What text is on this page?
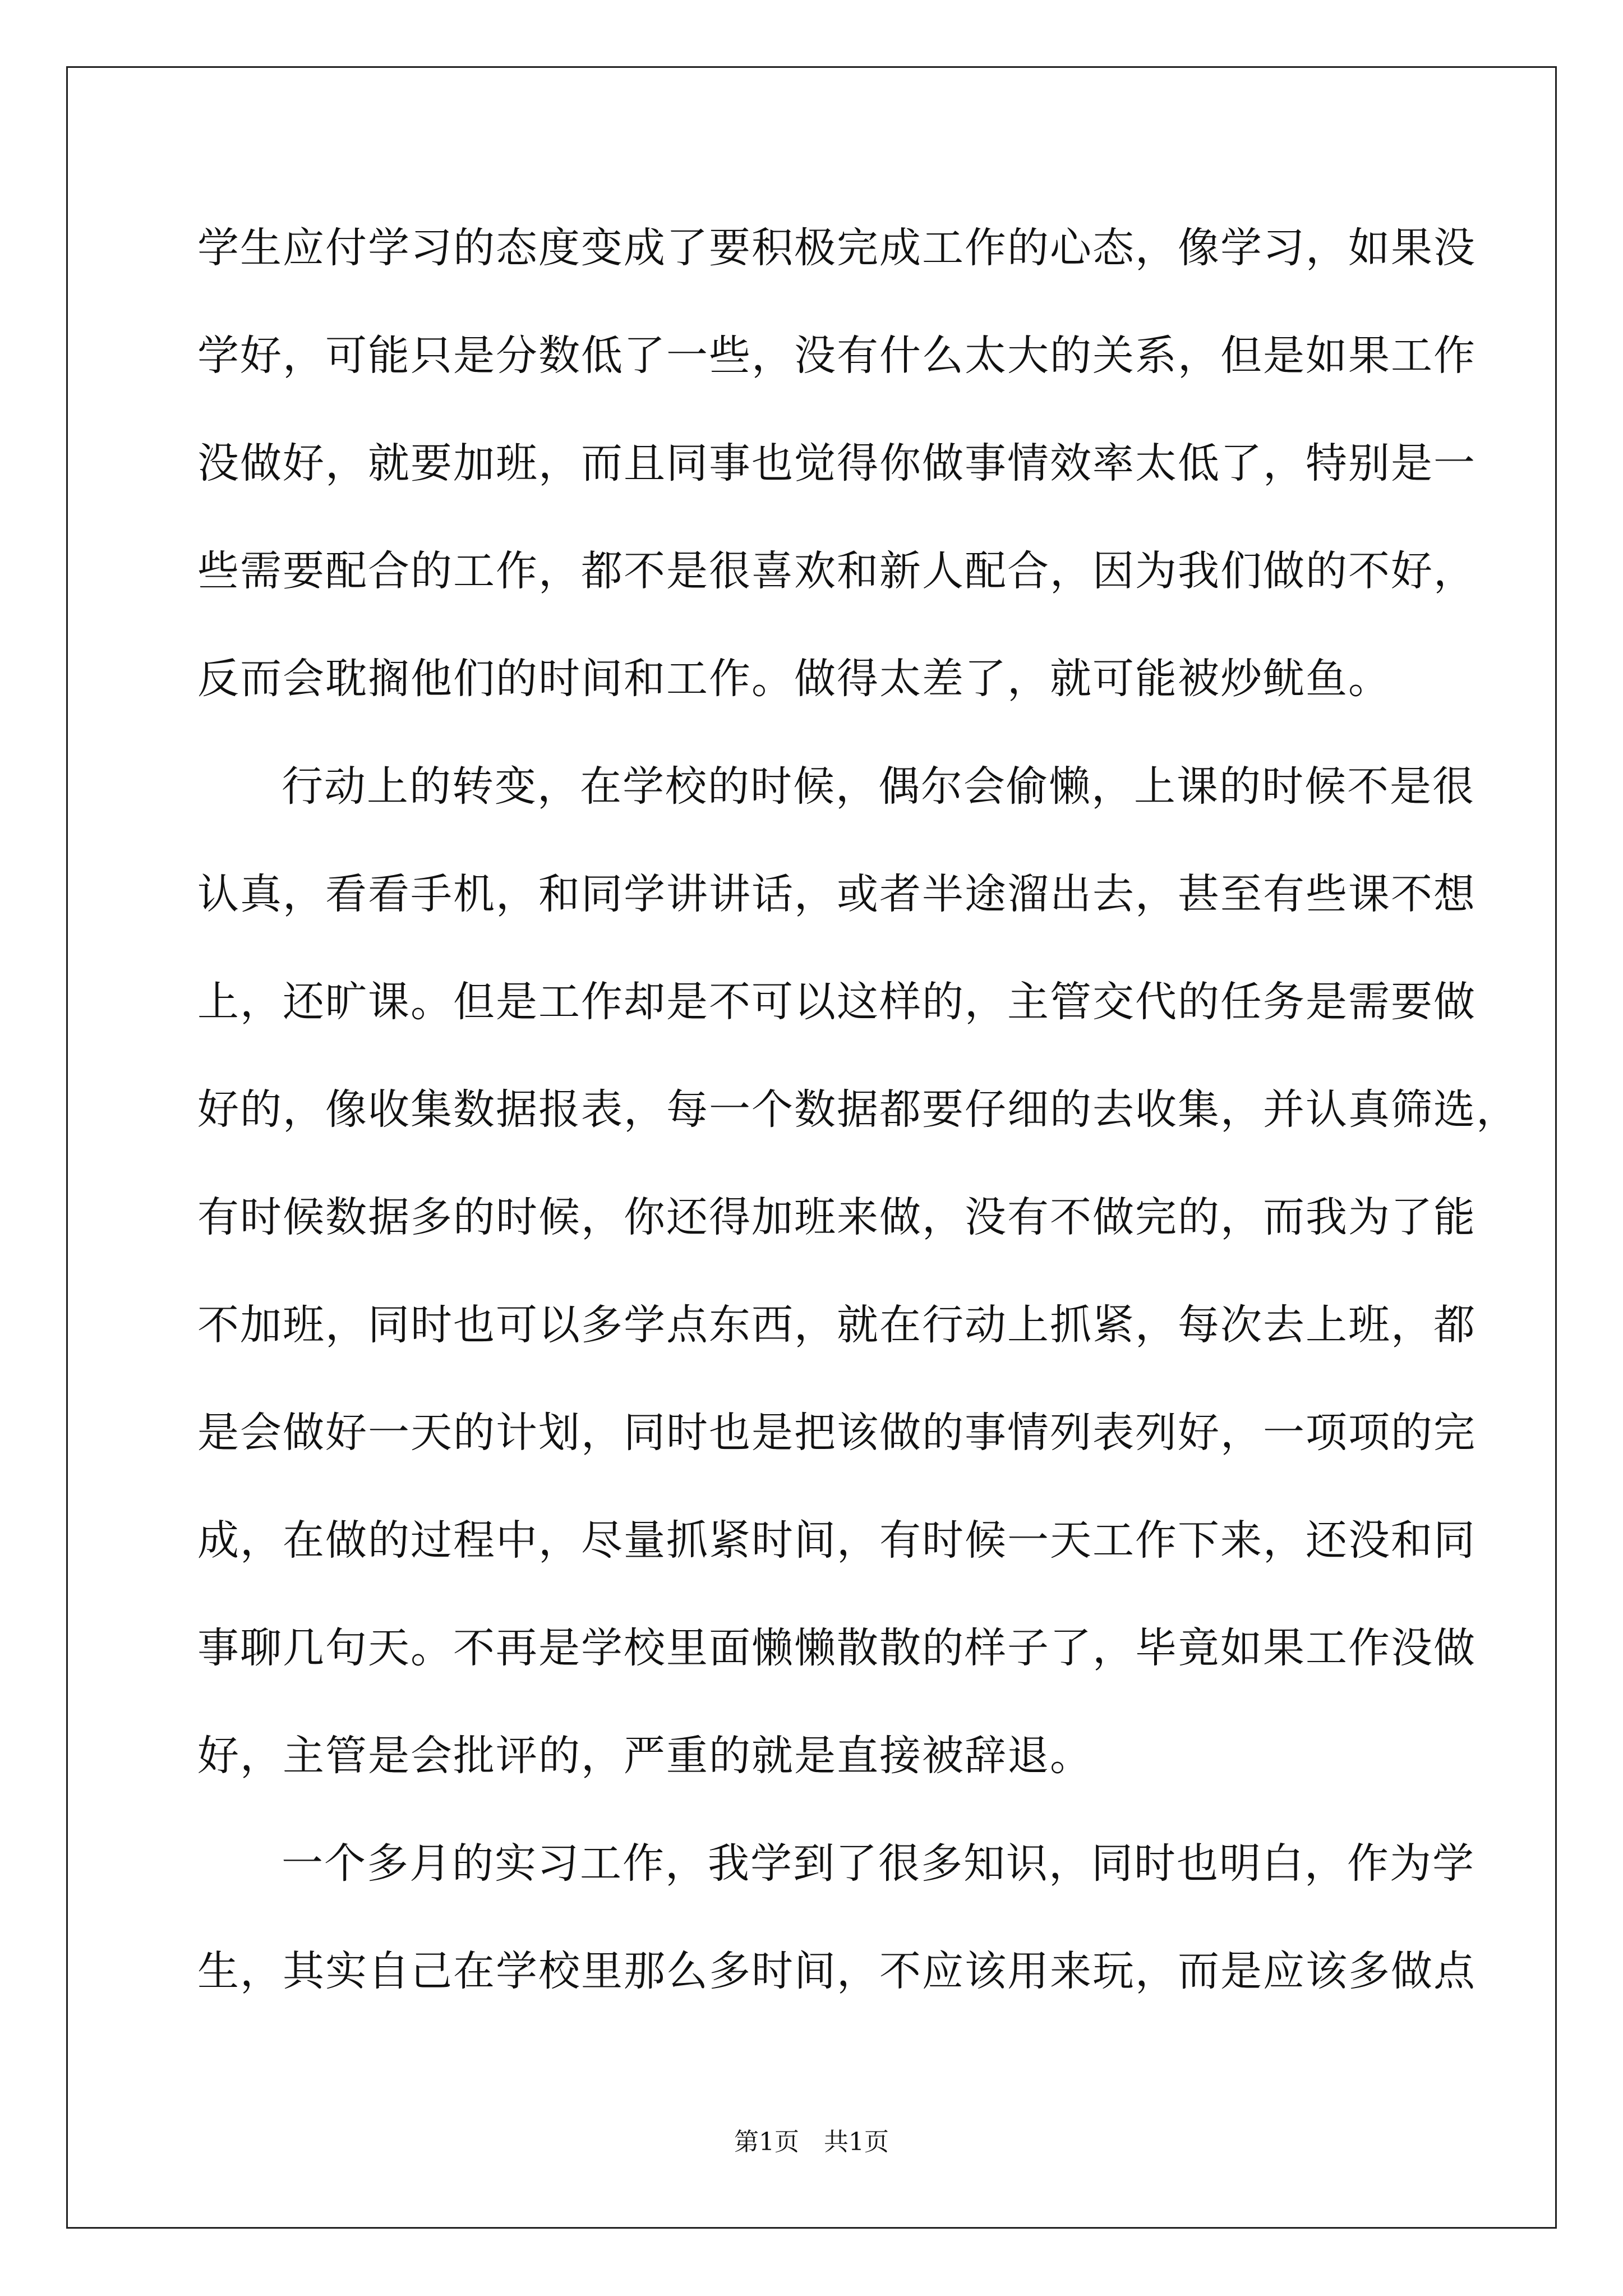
学生应付学习的态度变成了要积极完成工作的心态，像学习，如果没
学好，可能只是分数低了一些，没有什么太大的关系，但是如果工作
没做好，就要加班，而且同事也觉得你做事情效率太低了，特别是一
些需要配合的工作，都不是很喜欢和新人配合，因为我们做的不好，
反而会耽搁他们的时间和工作。做得太差了，就可能被炒鱿鱼。
行动上的转变，在学校的时候，偶尔会偷懒，上课的时候不是很
认真，看看手机，和同学讲讲话，或者半途溜出去，甚至有些课不想
上，还旷课。但是工作却是不可以这样的，主管交代的任务是需要做
好的，像收集数据报表，每一个数据都要仔细的去收集，并认真筛选，
有时候数据多的时候，你还得加班来做，没有不做完的，而我为了能
不加班，同时也可以多学点东西，就在行动上抓紧，每次去上班，都
是会做好一天的计划，同时也是把该做的事情列表列好，一项项的完
成，在做的过程中，尽量抓紧时间，有时候一天工作下来，还没和同
事聊几句天。不再是学校里面懒懒散散的样子了，毕竟如果工作没做
好，主管是会批评的，严重的就是直接被辞退。
一个多月的实习工作，我学到了很多知识，同时也明白，作为学
生，其实自己在学校里那么多时间，不应该用来玩，而是应该多做点
第1页　共1页
